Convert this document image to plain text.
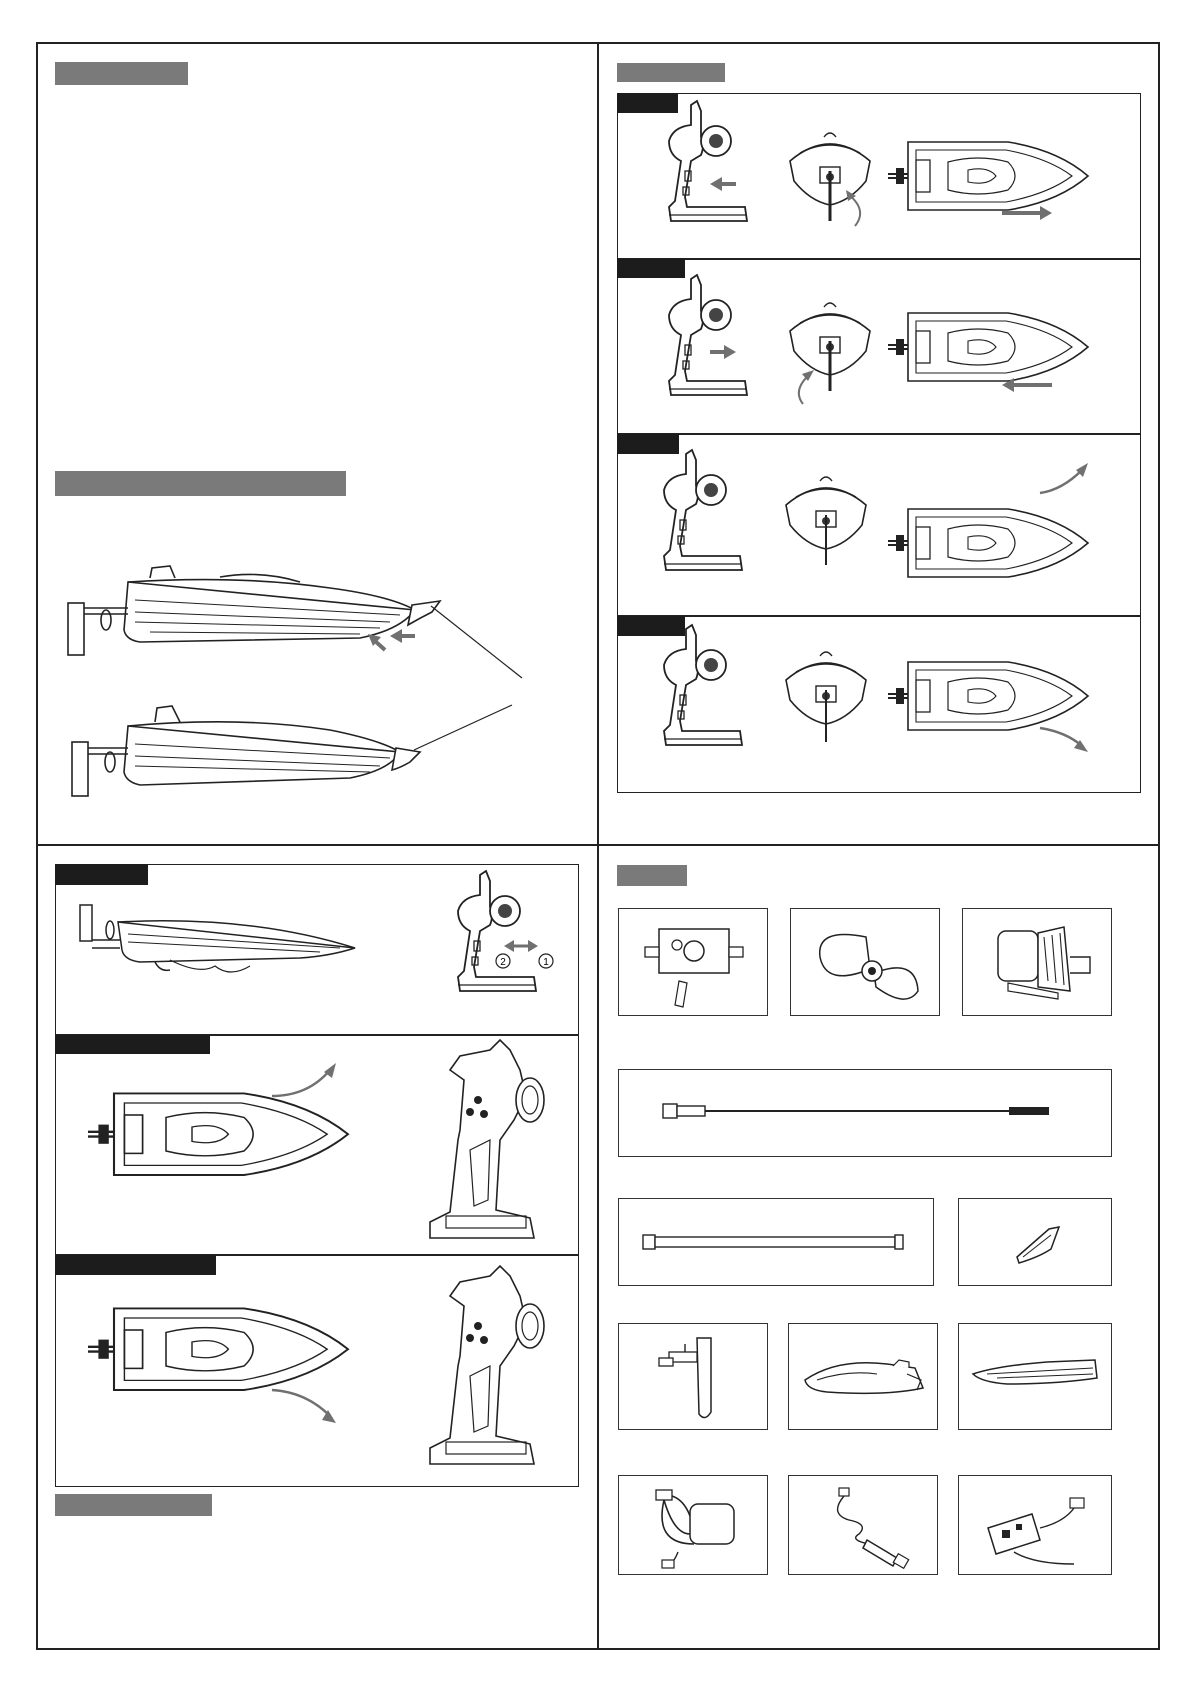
2	1
